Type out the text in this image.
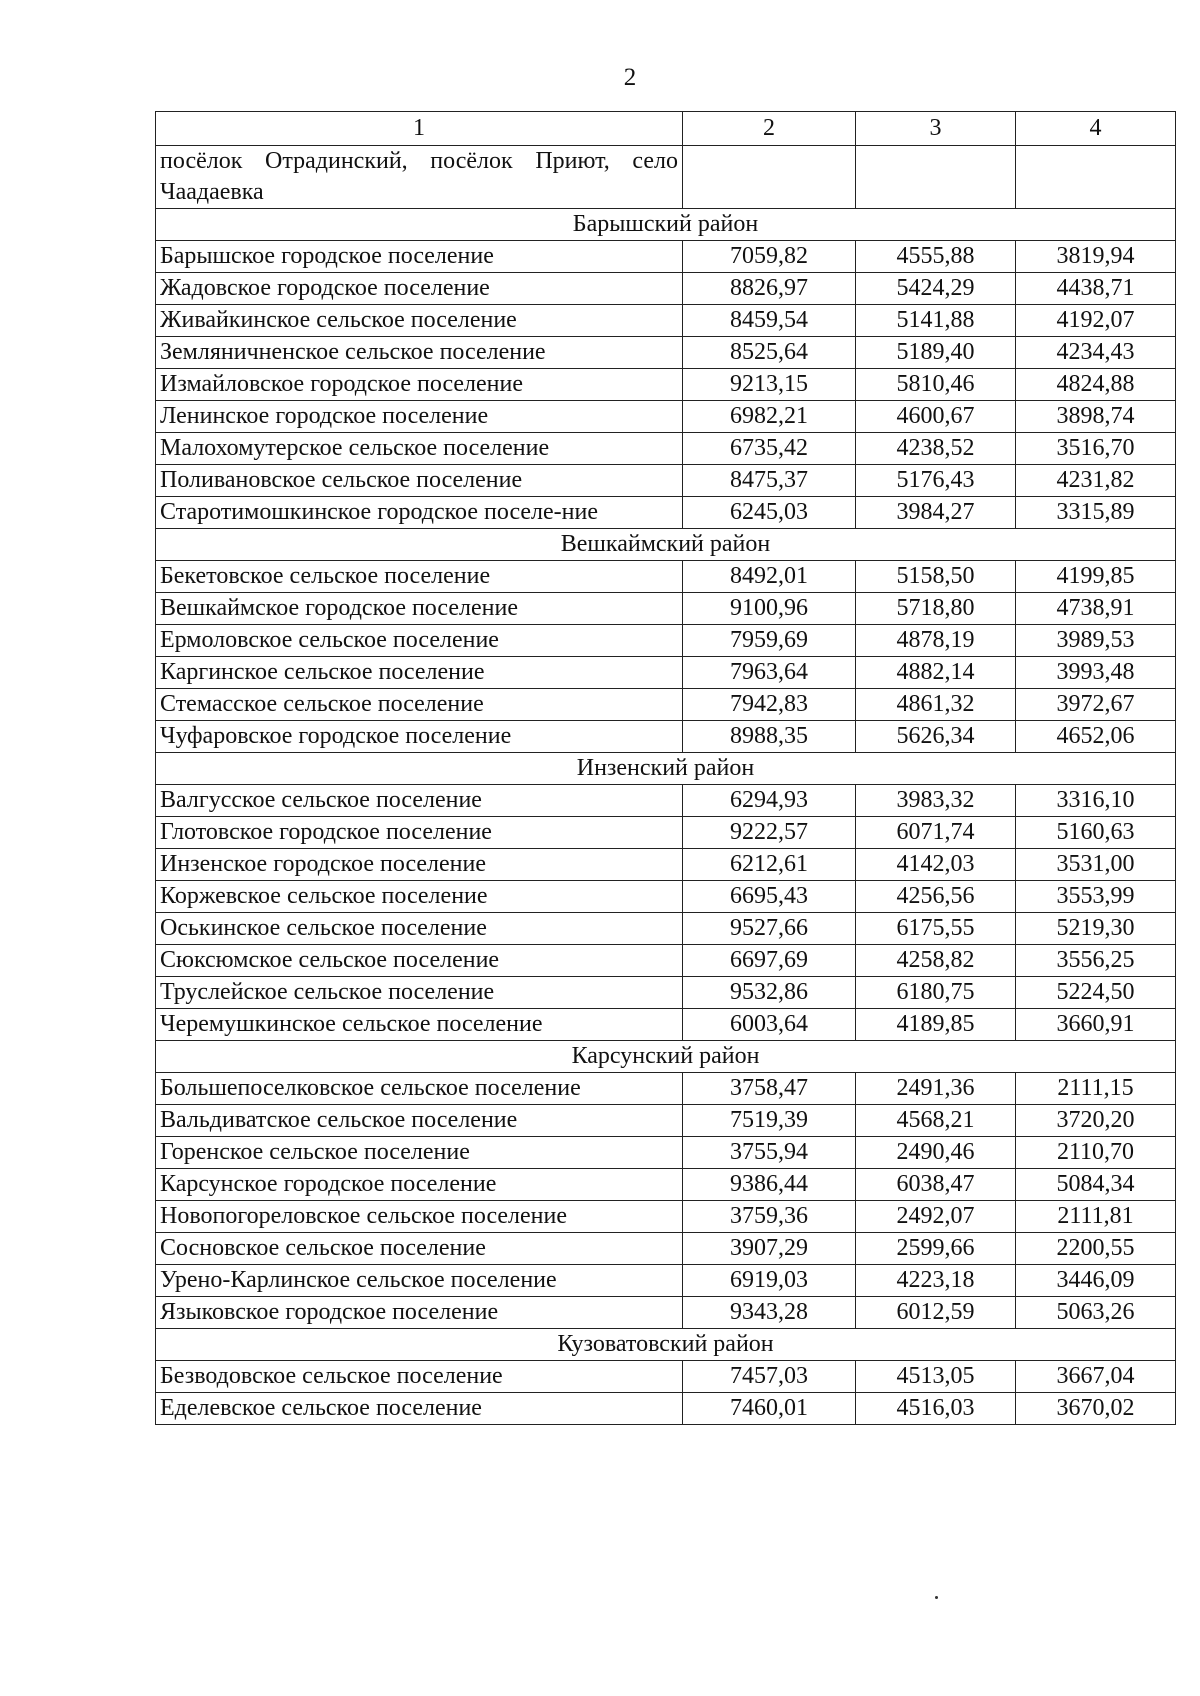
2
1	2	3	4
посёлок Отрадинский, посёлок Приют, село Чаадаевка			
Барышский район			
Барышское городское поселение	7059,82	4555,88	3819,94
Жадовское городское поселение	8826,97	5424,29	4438,71
Живайкинское сельское поселение	8459,54	5141,88	4192,07
Земляничненское сельское поселение	8525,64	5189,40	4234,43
Измайловское городское поселение	9213,15	5810,46	4824,88
Ленинское городское поселение	6982,21	4600,67	3898,74
Малохомутерское сельское поселение	6735,42	4238,52	3516,70
Поливановское сельское поселение	8475,37	5176,43	4231,82
Старотимошкинское городское поселе-ние	6245,03	3984,27	3315,89
Вешкаймский район			
Бекетовское сельское поселение	8492,01	5158,50	4199,85
Вешкаймское городское поселение	9100,96	5718,80	4738,91
Ермоловское сельское поселение	7959,69	4878,19	3989,53
Каргинское сельское поселение	7963,64	4882,14	3993,48
Стемасское сельское поселение	7942,83	4861,32	3972,67
Чуфаровское городское поселение	8988,35	5626,34	4652,06
Инзенский район			
Валгусское сельское поселение	6294,93	3983,32	3316,10
Глотовское городское поселение	9222,57	6071,74	5160,63
Инзенское городское поселение	6212,61	4142,03	3531,00
Коржевское сельское поселение	6695,43	4256,56	3553,99
Оськинское сельское поселение	9527,66	6175,55	5219,30
Сюксюмское сельское поселение	6697,69	4258,82	3556,25
Труслейское сельское поселение	9532,86	6180,75	5224,50
Черемушкинское сельское поселение	6003,64	4189,85	3660,91
Карсунский район			
Большепоселковское сельское поселение	3758,47	2491,36	2111,15
Вальдиватское сельское поселение	7519,39	4568,21	3720,20
Горенское сельское поселение	3755,94	2490,46	2110,70
Карсунское городское поселение	9386,44	6038,47	5084,34
Новопогореловское сельское поселение	3759,36	2492,07	2111,81
Сосновское сельское поселение	3907,29	2599,66	2200,55
Урено-Карлинское сельское поселение	6919,03	4223,18	3446,09
Языковское городское поселение	9343,28	6012,59	5063,26
Кузоватовский район			
Безводовское сельское поселение	7457,03	4513,05	3667,04
Еделевское сельское поселение	7460,01	4516,03	3670,02
